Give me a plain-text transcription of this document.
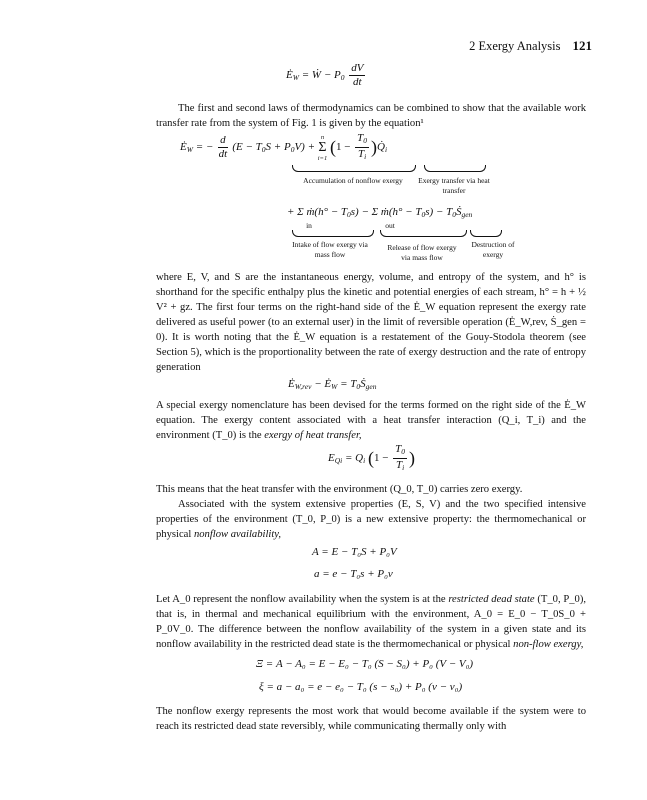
2 Exergy Analysis 121
$Ė_W$ = Ẇ − $P_0 \frac{dV}{dt}$
The first and second laws of thermodynamics can be combined to show that the available work transfer rate from the system of Fig. 1 is given by the equation¹
$Ė_W$ = − $\frac{d}{dt} (E - T_0S + P_0V)$ +
n
Σ
i=1
($1 - \frac{T_0}{T_i}$ )$Q̇_i$
Accumulation of nonflow exergy	Exergy transfer via heat transfer
+ Σ ṁ(h° − $T_0s) - \Sigma$ ṁ(h° − $T_0s$) − $T_0Ṡ_{gen}$
in	out
Intake of flow exergy via mass flow
Release of flow exergy via mass flow
Destruction of exergy
where E, V, and S are the instantaneous energy, volume, and entropy of the system, and h° is shorthand for the specific enthalpy plus the kinetic and potential energies of each stream, h° = h + ½ V² + gz. The first four terms on the right-hand side of the Ė_W equation represent the exergy rate delivered as useful power (to an external user) in the limit of reversible operation (Ė_W,rev, Ṡ_gen = 0). It is worth noting that the Ė_W equation is a restatement of the Gouy-Stodola theorem (see Section 5), which is the proportionality between the rate of exergy destruction and the rate of entropy generation
$Ė_{W,rev}$ − $Ė_W$ = $T_0Ṡ_{gen}$
A special exergy nomenclature has been devised for the terms formed on the right side of the Ė_W equation. The exergy content associated with a heat transfer interaction (Q_i, T_i) and the environment (T_0) is the exergy of heat transfer,
$E_{Qi} = Q_i$ ($1 - \frac{T_0}{T_i}$ )
This means that the heat transfer with the environment (Q_0, T_0) carries zero exergy.
Associated with the system extensive properties (E, S, V) and the two specified intensive properties of the environment (T_0, P_0) is a new extensive property: the thermomechanical or physical nonflow availability,
A = E − T₀S + P₀V
a = e − T₀s + P₀v
Let A_0 represent the nonflow availability when the system is at the restricted dead state (T_0, P_0), that is, in thermal and mechanical equilibrium with the environment, A_0 = E_0 − T_0S_0 + P_0V_0. The difference between the nonflow availability of the system in a given state and its nonflow availability in the restricted dead state is the thermomechanical or physical non-flow exergy,
Ξ = A − A₀ = E − E₀ − T₀ (S − S₀) + P₀ (V − V₀)
ξ = a − a₀ = e − e₀ − T₀ (s − s₀) + P₀ (v − v₀)
The nonflow exergy represents the most work that would become available if the system were to reach its restricted dead state reversibly, while communicating thermally only with
